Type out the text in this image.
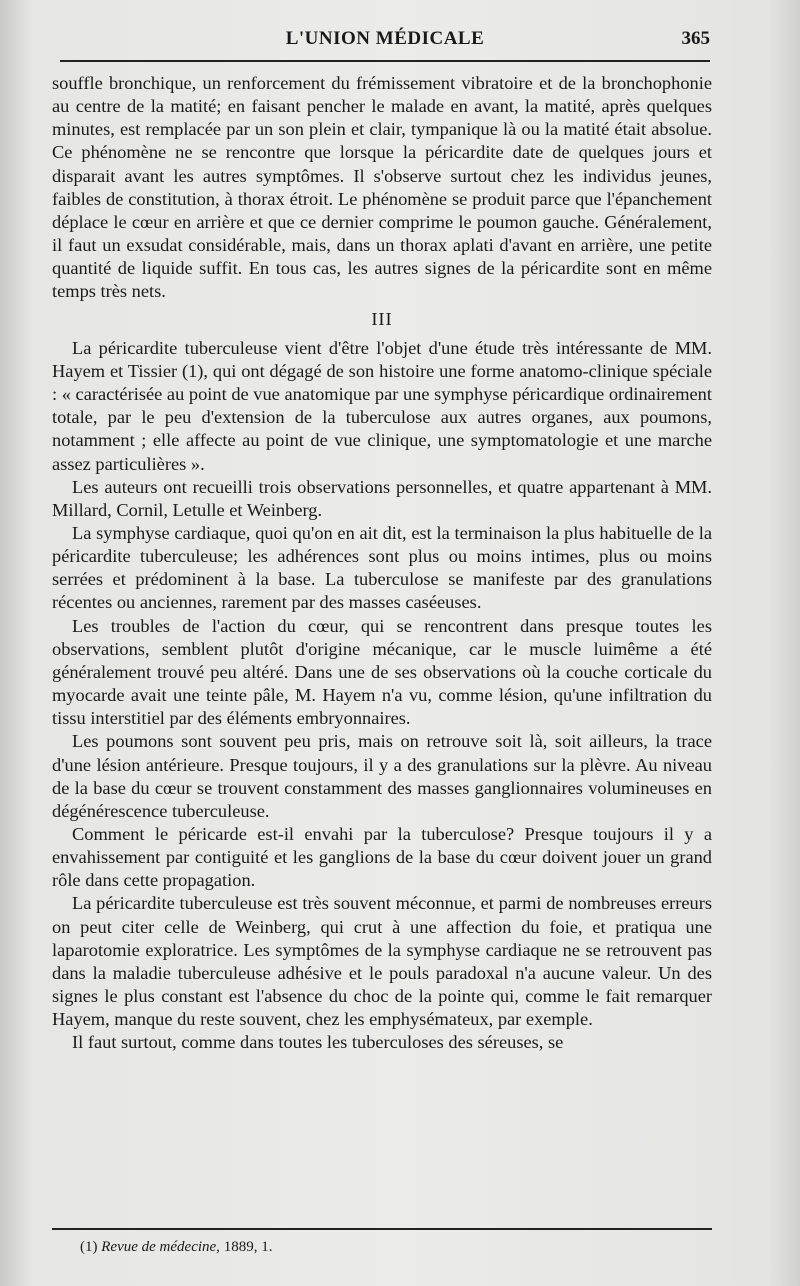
L'UNION MÉDICALE	365

souffle bronchique, un renforcement du frémissement vibratoire et de la bronchophonie au centre de la matité; en faisant pencher le malade en avant, la matité, après quelques minutes, est remplacée par un son plein et clair, tympanique là ou la matité était absolue. Ce phénomène ne se rencontre que lorsque la péricardite date de quelques jours et disparait avant les autres symptômes. Il s'observe surtout chez les individus jeunes, faibles de constitution, à thorax étroit. Le phénomène se produit parce que l'épanchement déplace le cœur en arrière et que ce dernier comprime le poumon gauche. Généralement, il faut un exsudat considérable, mais, dans un thorax aplati d'avant en arrière, une petite quantité de liquide suffit. En tous cas, les autres signes de la péricardite sont en même temps très nets.

III

La péricardite tuberculeuse vient d'être l'objet d'une étude très intéressante de MM. Hayem et Tissier (1), qui ont dégagé de son histoire une forme anatomo-clinique spéciale : « caractérisée au point de vue anatomique par une symphyse péricardique ordinairement totale, par le peu d'extension de la tuberculose aux autres organes, aux poumons, notamment ; elle affecte au point de vue clinique, une symptomatologie et une marche assez particulières ».

Les auteurs ont recueilli trois observations personnelles, et quatre appartenant à MM. Millard, Cornil, Letulle et Weinberg.

La symphyse cardiaque, quoi qu'on en ait dit, est la terminaison la plus habituelle de la péricardite tuberculeuse; les adhérences sont plus ou moins intimes, plus ou moins serrées et prédominent à la base. La tuberculose se manifeste par des granulations récentes ou anciennes, rarement par des masses caséeuses.

Les troubles de l'action du cœur, qui se rencontrent dans presque toutes les observations, semblent plutôt d'origine mécanique, car le muscle luimême a été généralement trouvé peu altéré. Dans une de ses observations où la couche corticale du myocarde avait une teinte pâle, M. Hayem n'a vu, comme lésion, qu'une infiltration du tissu interstitiel par des éléments embryonnaires.

Les poumons sont souvent peu pris, mais on retrouve soit là, soit ailleurs, la trace d'une lésion antérieure. Presque toujours, il y a des granulations sur la plèvre. Au niveau de la base du cœur se trouvent constamment des masses ganglionnaires volumineuses en dégénérescence tuberculeuse.

Comment le péricarde est-il envahi par la tuberculose? Presque toujours il y a envahissement par contiguité et les ganglions de la base du cœur doivent jouer un grand rôle dans cette propagation.

La péricardite tuberculeuse est très souvent méconnue, et parmi de nombreuses erreurs on peut citer celle de Weinberg, qui crut à une affection du foie, et pratiqua une laparotomie exploratrice. Les symptômes de la symphyse cardiaque ne se retrouvent pas dans la maladie tuberculeuse adhésive et le pouls paradoxal n'a aucune valeur. Un des signes le plus constant est l'absence du choc de la pointe qui, comme le fait remarquer Hayem, manque du reste souvent, chez les emphysémateux, par exemple.

Il faut surtout, comme dans toutes les tuberculoses des séreuses, se

(1) Revue de médecine, 1889, 1.
